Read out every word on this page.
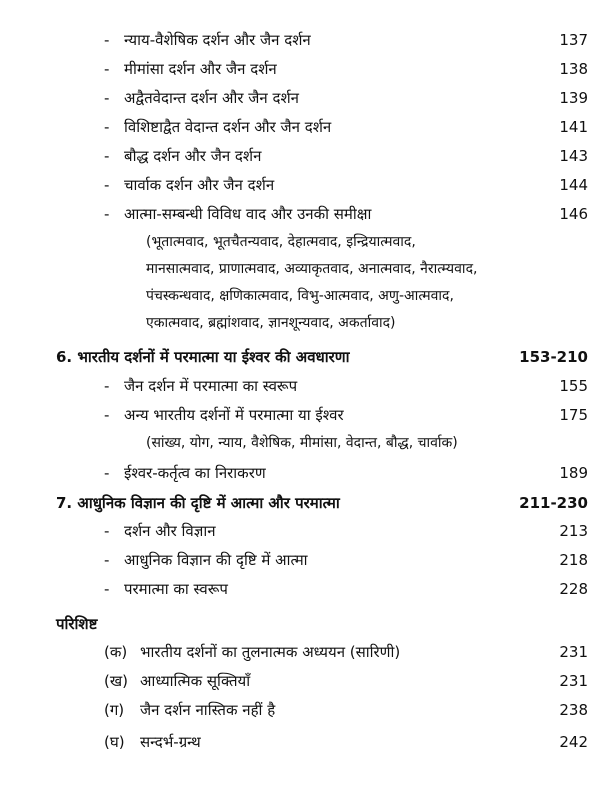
- न्याय-वैशेषिक दर्शन और जैन दर्शन	137
- मीमांसा दर्शन और जैन दर्शन	138
- अद्वैतवेदान्त दर्शन और जैन दर्शन	139
- विशिष्टाद्वैत वेदान्त दर्शन और जैन दर्शन	141
- बौद्ध दर्शन और जैन दर्शन	143
- चार्वाक दर्शन और जैन दर्शन	144
- आत्मा-सम्बन्धी विविध वाद और उनकी समीक्षा	146
(भूतात्मवाद, भूतचैतन्यवाद, देहात्मवाद, इन्द्रियात्मवाद,
मानसात्मवाद, प्राणात्मवाद, अव्याकृतवाद, अनात्मवाद, नैरात्म्यवाद,
पंचस्कन्धवाद, क्षणिकात्मवाद, विभु-आत्मवाद, अणु-आत्मवाद,
एकात्मवाद, ब्रह्मांशवाद, ज्ञानशून्यवाद, अकर्तावाद)
6. भारतीय दर्शनों में परमात्मा या ईश्वर की अवधारणा	153-210
- जैन दर्शन में परमात्मा का स्वरूप	155
- अन्य भारतीय दर्शनों में परमात्मा या ईश्वर	175
(सांख्य, योग, न्याय, वैशेषिक, मीमांसा, वेदान्त, बौद्ध, चार्वाक)
- ईश्वर-कर्तृत्व का निराकरण	189
7. आधुनिक विज्ञान की दृष्टि में आत्मा और परमात्मा	211-230
- दर्शन और विज्ञान	213
- आधुनिक विज्ञान की दृष्टि में आत्मा	218
- परमात्मा का स्वरूप	228
परिशिष्ट
(क) भारतीय दर्शनों का तुलनात्मक अध्ययन (सारिणी)	231
(ख) आध्यात्मिक सूक्तियाँ	231
(ग) जैन दर्शन नास्तिक नहीं है	238
(घ) सन्दर्भ-ग्रन्थ	242
